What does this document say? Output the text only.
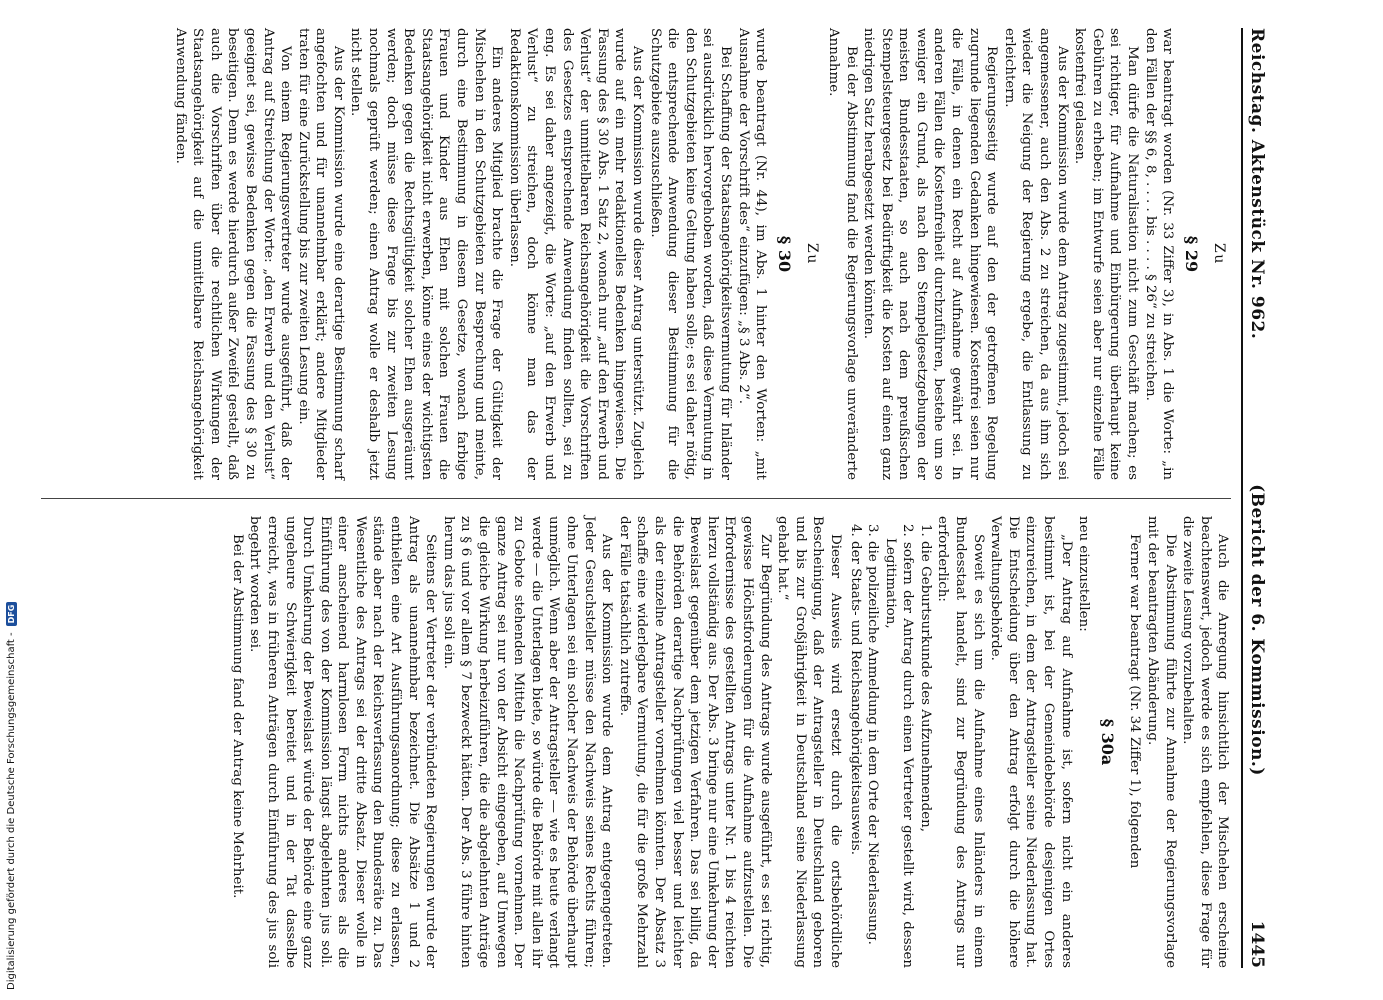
Reichstag. Aktenstück Nr. 962.
(Bericht der 6. Kommission.)
1445
Zu
§ 29

war beantragt worden (Nr. 33 Ziffer 3), in Abs. 1 die Worte: „in den Fällen der §§ 6, 8, . . . . bis . . . . § 26“ zu streichen.

Man dürfe die Naturalisation nicht zum Geschäft machen; es sei richtiger, für Aufnahme und Einbürgerung überhaupt keine Gebühren zu erheben; im Entwurfe seien aber nur einzelne Fälle kostenfrei gelassen.

Aus der Kommission wurde dem Antrag zugestimmt, jedoch sei angemessener, auch den Abs. 2 zu streichen, da aus ihm sich wieder die Neigung der Regierung ergebe, die Entlassung zu erleichtern.

Regierungsseitig wurde auf den der getroffenen Regelung zugrunde liegenden Gedanken hingewiesen. Kostenfrei seien nur die Fälle, in denen ein Recht auf Aufnahme gewährt sei. In anderen Fällen die Kostenfreiheit durchzuführen, bestehe um so weniger ein Grund, als nach den Stempelgesetzgebungen der meisten Bundesstaaten, so auch nach dem preußischen Stempelsteuergesetz bei Bedürftigkeit die Kosten auf einen ganz niedrigen Satz herabgesetzt werden könnten.

Bei der Abstimmung fand die Regierungsvorlage unveränderte Annahme.

Zu
§ 30

wurde beantragt (Nr. 44), im Abs. 1 hinter den Worten: „mit Ausnahme der Vorschrift des“ einzufügen: „§ 3 Abs. 2“.

Bei Schaffung der Staatsangehörigkeitsvermutung für Inländer sei ausdrücklich hervorgehoben worden, daß diese Vermutung in den Schutzgebieten keine Geltung haben solle; es sei daher nötig, die entsprechende Anwendung dieser Bestimmung für die Schutzgebiete auszuschließen.

Aus der Kommission wurde dieser Antrag unterstützt. Zugleich wurde auf ein mehr redaktionelles Bedenken hingewiesen. Die Fassung des § 30 Abs. 1 Satz 2, wonach nur „auf den Erwerb und Verlust“ der unmittelbaren Reichsangehörigkeit die Vorschriften des Gesetzes entsprechende Anwendung finden sollten, sei zu eng. Es sei daher angezeigt, die Worte: „auf den Erwerb und Verlust“ zu streichen, doch könne man das der Redaktionskommission überlassen.

Ein anderes Mitglied brachte die Frage der Gültigkeit der Mischehen in den Schutzgebieten zur Besprechung und meinte, durch eine Bestimmung in diesem Gesetze, wonach farbige Frauen und Kinder aus Ehen mit solchen Frauen die Staatsangehörigkeit nicht erwerben, könne eines der wichtigsten Bedenken gegen die Rechtsgültigkeit solcher Ehen ausgeräumt werden; doch müsse diese Frage bis zur zweiten Lesung nochmals geprüft werden; einen Antrag wolle er deshalb jetzt nicht stellen.

Aus der Kommission wurde eine derartige Bestimmung scharf angefochten und für unannehmbar erklärt; andere Mitglieder traten für eine Zurückstellung bis zur zweiten Lesung ein.

Von einem Regierungsvertreter wurde ausgeführt, daß der Antrag auf Streichung der Worte: „den Erwerb und den Verlust“ geeignet sei, gewisse Bedenken gegen die Fassung des § 30 zu beseitigen. Denn es werde hierdurch außer Zweifel gestellt, daß auch die Vorschriften über die rechtlichen Wirkungen der Staatsangehörigkeit auf die unmittelbare Reichsangehörigkeit Anwendung fänden.

Auch die Anregung hinsichtlich der Mischehen erscheine beachtenswert, jedoch werde es sich empfehlen, diese Frage für die zweite Lesung vorzubehalten.

Die Abstimmung führte zur Annahme der Regierungsvorlage mit der beantragten Abänderung.

Ferner war beantragt (Nr. 34 Ziffer 1), folgenden

§ 30a

neu einzustellen:

„Der Antrag auf Aufnahme ist, sofern nicht ein anderes bestimmt ist, bei der Gemeindebehörde desjenigen Ortes einzureichen, in dem der Antragsteller seine Niederlassung hat. Die Entscheidung über den Antrag erfolgt durch die höhere Verwaltungsbehörde.

Soweit es sich um die Aufnahme eines Inländers in einem Bundesstaat handelt, sind zur Begründung des Antrags nur erforderlich:

1. die Geburtsurkunde des Aufzunehmenden,
2. sofern der Antrag durch einen Vertreter gestellt wird, dessen Legitimation,
3. die polizeiliche Anmeldung in dem Orte der Niederlassung.
4. der Staats- und Reichsangehörigkeitsausweis.

Dieser Ausweis wird ersetzt durch die ortsbehördliche Bescheinigung, daß der Antragsteller in Deutschland geboren und bis zur Großjährigkeit in Deutschland seine Niederlassung gehabt hat.“

Zur Begründung des Antrags wurde ausgeführt, es sei richtig, gewisse Höchstforderungen für die Aufnahme aufzustellen. Die Erfordernisse des gestellten Antrags unter Nr. 1 bis 4 reichten hierzu vollständig aus. Der Abs. 3 bringe nur eine Umkehrung der Beweislast gegenüber dem jetzigen Verfahren. Das sei billig, da die Behörden derartige Nachprüfungen viel besser und leichter als der einzelne Antragsteller vornehmen könnten. Der Absatz 3 schaffe eine widerlegbare Vermutung, die für die große Mehrzahl der Fälle tatsächlich zutreffe.

Aus der Kommission wurde dem Antrag entgegengetreten. Jeder Gesuchsteller müsse den Nachweis seines Rechts führen; ohne Unterlagen sei ein solcher Nachweis der Behörde überhaupt unmöglich. Wenn aber der Antragsteller — wie es heute verlangt werde — die Unterlagen biete, so würde die Behörde mit allen ihr zu Gebote stehenden Mitteln die Nachprüfung vornehmen. Der ganze Antrag sei nur von der Absicht eingegeben, auf Umwegen die gleiche Wirkung herbeizuführen, die die abgelehnten Anträge zu § 6 und vor allem § 7 bezweckt hätten. Der Abs. 3 führe hinten herum das jus soli ein.

Seitens der Vertreter der verbündeten Regierungen wurde der Antrag als unannehmbar bezeichnet. Die Absätze 1 und 2 enthielten eine Art Ausführungsanordnung; diese zu erlassen, stände aber nach der Reichsverfassung den Bundesräte zu. Das Wesentliche des Antrags sei der dritte Absatz. Dieser wolle in einer anscheinend harmlosen Form nichts anderes als die Einführung des von der Kommission längst abgelehnten jus soli. Durch Umkehrung der Beweislast würde der Behörde eine ganz ungeheure Schwierigkeit bereitet und in der Tat dasselbe erreicht, was in früheren Anträgen durch Einführung des jus soli begehrt worden sei.

Bei der Abstimmung fand der Antrag keine Mehrheit.

Digitalisierung gefördert durch die Deutsche Forschungsgemeinschaft -
DFG
